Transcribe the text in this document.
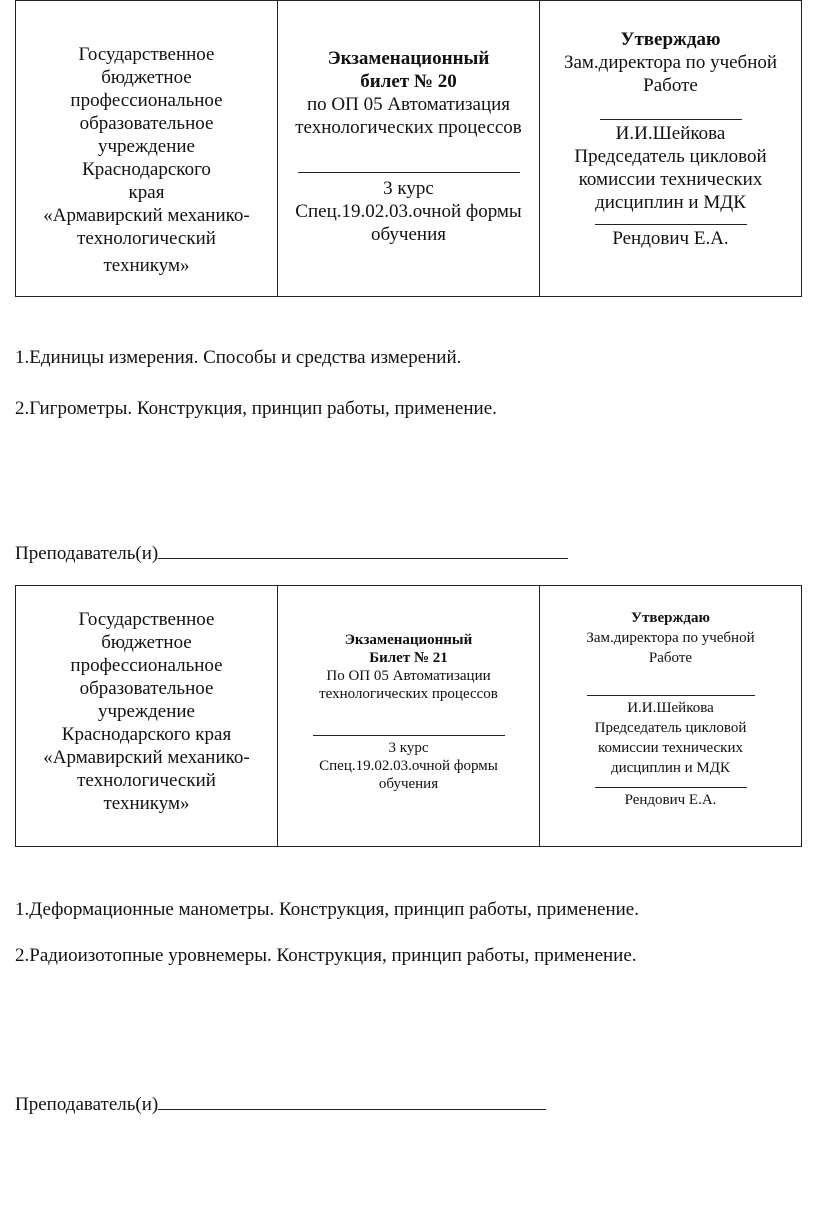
Государственное
бюджетное
профессиональное
образовательное
учреждение
Краснодарского
края
«Армавирский механико-
технологический
техникум»

Экзаменационный
билет № 20
по ОП 05 Автоматизация
технологических процессов
3 курс
Спец.19.02.03.очной формы
обучения

Утверждаю
Зам.директора по учебной
Работе
И.И.Шейкова
Председатель цикловой
комиссии технических
дисциплин и МДК
Рендович Е.А.
1.Единицы измерения. Способы и средства измерений.
2.Гигрометры. Конструкция, принцип работы, применение.
Преподаватель(и)
Государственное
бюджетное
профессиональное
образовательное
учреждение
Краснодарского края
«Армавирский механико-
технологический
техникум»

Экзаменационный
Билет № 21
По ОП 05 Автоматизации
технологических процессов
3 курс
Спец.19.02.03.очной формы
обучения

Утверждаю
Зам.директора по учебной
Работе
И.И.Шейкова
Председатель цикловой
комиссии технических
дисциплин и МДК
Рендович Е.А.
1.Деформационные манометры. Конструкция, принцип работы, применение.
2.Радиоизотопные уровнемеры. Конструкция, принцип работы, применение.
Преподаватель(и)
